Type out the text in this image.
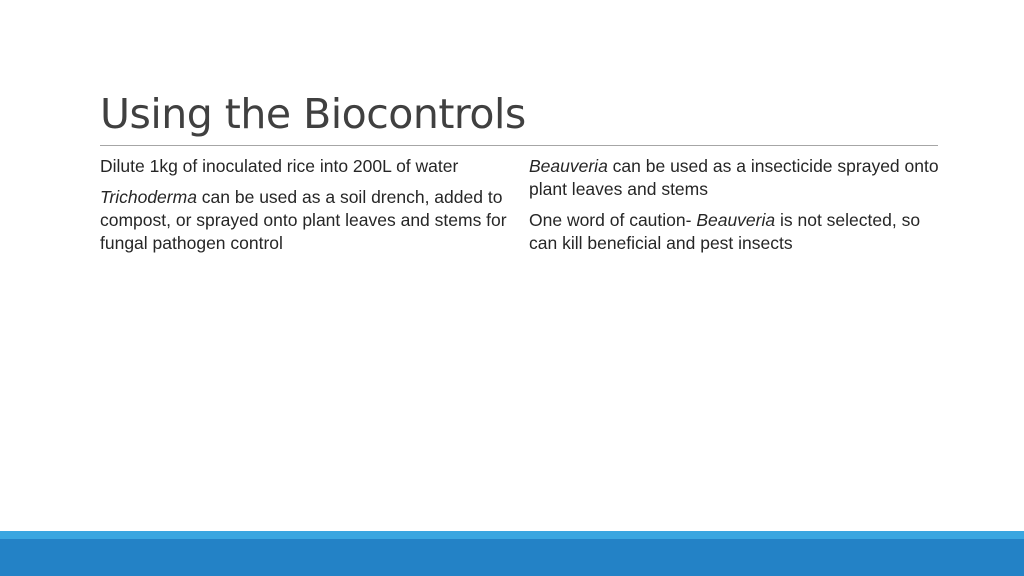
Using the Biocontrols

Dilute 1kg of inoculated rice into 200L of water

Trichoderma can be used as a soil drench, added to compost, or sprayed onto plant leaves and stems for fungal pathogen control

Beauveria can be used as a insecticide sprayed onto plant leaves and stems

One word of caution- Beauveria is not selected, so can kill beneficial and pest insects
